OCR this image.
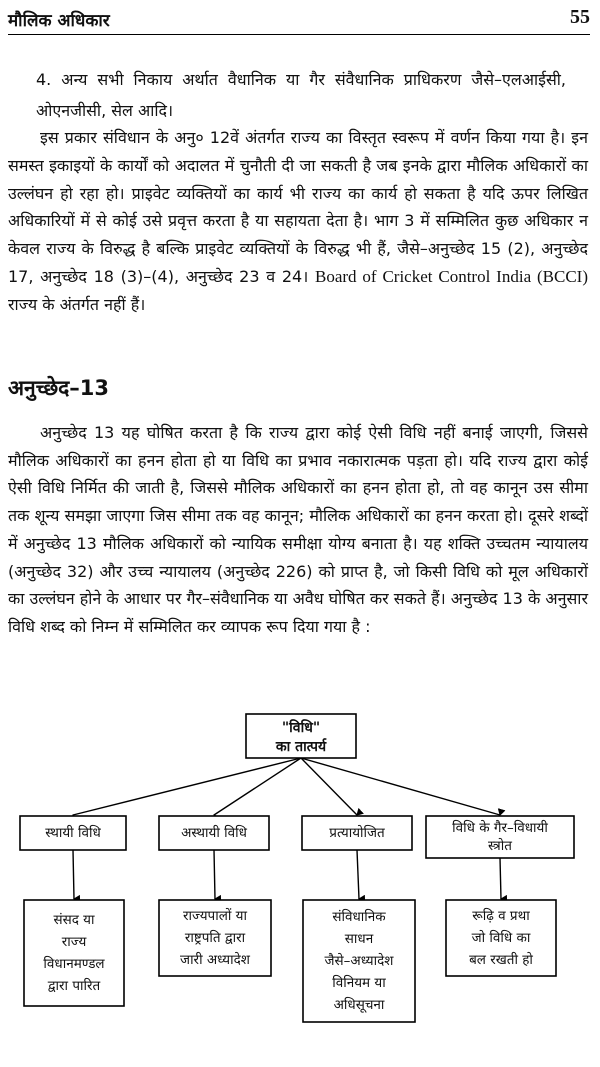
मौलिक अधिकार	55
4. अन्य सभी निकाय अर्थात वैधानिक या गैर संवैधानिक प्राधिकरण जैसे–एलआईसी, ओएनजीसी, सेल आदि।
इस प्रकार संविधान के अनु० 12वें अंतर्गत राज्य का विस्तृत स्वरूप में वर्णन किया गया है। इन समस्त इकाइयों के कार्यों को अदालत में चुनौती दी जा सकती है जब इनके द्वारा मौलिक अधिकारों का उल्लंघन हो रहा हो। प्राइवेट व्यक्तियों का कार्य भी राज्य का कार्य हो सकता है यदि ऊपर लिखित अधिकारियों में से कोई उसे प्रवृत्त करता है या सहायता देता है। भाग 3 में सम्मिलित कुछ अधिकार न केवल राज्य के विरुद्ध है बल्कि प्राइवेट व्यक्तियों के विरुद्ध भी हैं, जैसे–अनुच्छेद 15 (2), अनुच्छेद 17, अनुच्छेद 18 (3)–(4), अनुच्छेद 23 व 24। Board of Cricket Control India (BCCI) राज्य के अंतर्गत नहीं हैं।
अनुच्छेद–13
अनुच्छेद 13 यह घोषित करता है कि राज्य द्वारा कोई ऐसी विधि नहीं बनाई जाएगी, जिससे मौलिक अधिकारों का हनन होता हो या विधि का प्रभाव नकारात्मक पड़ता हो। यदि राज्य द्वारा कोई ऐसी विधि निर्मित की जाती है, जिससे मौलिक अधिकारों का हनन होता हो, तो वह कानून उस सीमा तक शून्य समझा जाएगा जिस सीमा तक वह कानून; मौलिक अधिकारों का हनन करता हो। दूसरे शब्दों में अनुच्छेद 13 मौलिक अधिकारों को न्यायिक समीक्षा योग्य बनाता है। यह शक्ति उच्चतम न्यायालय (अनुच्छेद 32) और उच्च न्यायालय (अनुच्छेद 226) को प्राप्त है, जो किसी विधि को मूल अधिकारों का उल्लंघन होने के आधार पर गैर–संवैधानिक या अवैध घोषित कर सकते हैं। अनुच्छेद 13 के अनुसार विधि शब्द को निम्न में सम्मिलित कर व्यापक रूप दिया गया है :
"विधि"
का तात्पर्य
स्थायी विधि	अस्थायी विधि	प्रत्यायोजित	विधि के गैर–विधायी
स्त्रोत
संसद या
राज्य
विधानमण्डल
द्वारा पारित
राज्यपालों या
राष्ट्रपति द्वारा
जारी अध्यादेश
संविधानिक
साधन
जैसे–अध्यादेश
विनियम या
अधिसूचना
रूढ़ि व प्रथा
जो विधि का
बल रखती हो
